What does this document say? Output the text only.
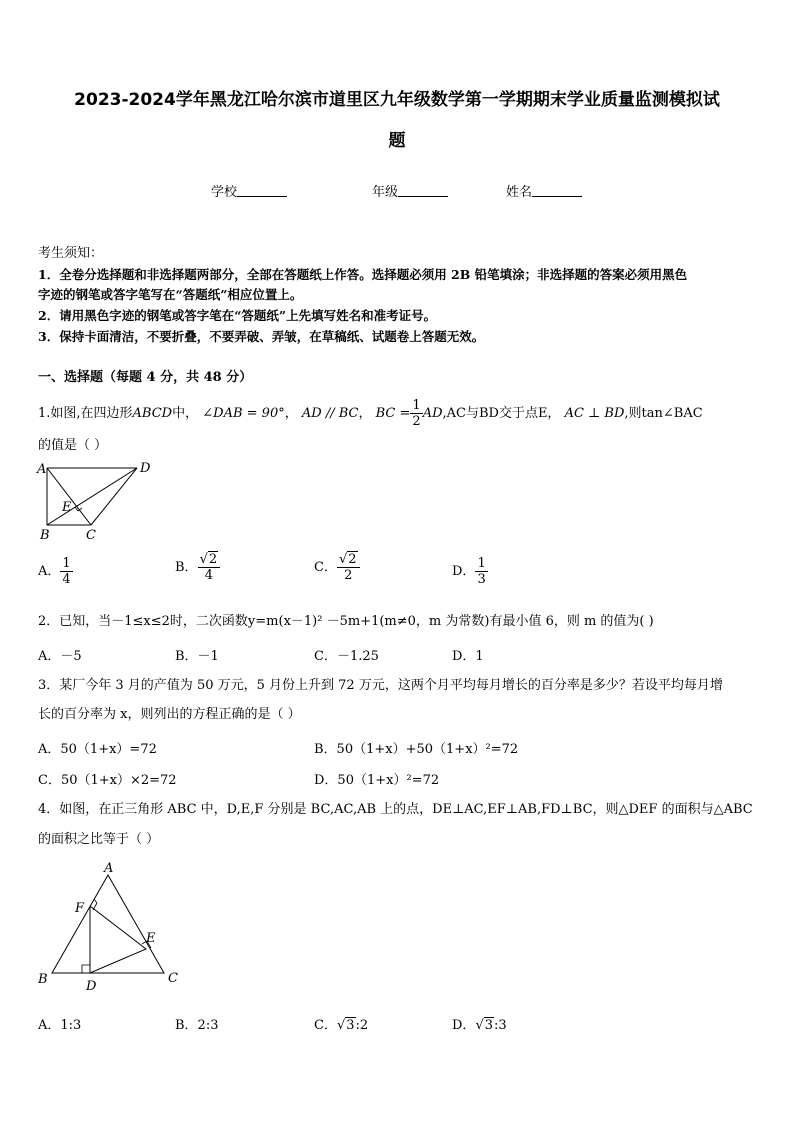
2023-2024学年黑龙江哈尔滨市道里区九年级数学第一学期期末学业质量监测模拟试
题
学校	年级	姓名
考生须知：
1．全卷分选择题和非选择题两部分，全部在答题纸上作答。选择题必须用 2B 铅笔填涂；非选择题的答案必须用黑色
字迹的钢笔或答字笔写在“答题纸”相应位置上。
2．请用黑色字迹的钢笔或答字笔在“答题纸”上先填写姓名和准考证号。
3．保持卡面清洁，不要折叠，不要弄破、弄皱，在草稿纸、试题卷上答题无效。
一、选择题（每题 4 分，共 48 分）
1.如图,在四边形ABCD中， ∠DAB = 90°， AD // BC， BC = $\frac{1}{2} AD,AC$与BD交于点E， AC ⊥ BD,则tan∠BAC
的值是（ ）
A	D
B	C
E
A． $\frac{1}{4}$	B． $\frac{√2}{4}$	C． $\frac{√2}{2}$	D． $\frac{1}{3}$
2．已知，当－1≤x≤2时，二次函数y=m(x－1)² －5m+1(m≠0，m 为常数)有最小值 6，则 m 的值为( )
A．－5	B．－1	C．－1.25	D．1
3．某厂今年 3 月的产值为 50 万元，5 月份上升到 72 万元，这两个月平均每月增长的百分率是多少？若设平均每月增
长的百分率为 x，则列出的方程正确的是（ ）
A．50（1+x）=72	B．50（1+x）+50（1+x）²=72
C．50（1+x）×2=72	D．50（1+x）²=72
4．如图，在正三角形 ABC 中，D,E,F 分别是 BC,AC,AB 上的点，DE⊥AC,EF⊥AB,FD⊥BC，则△DEF 的面积与△ABC
的面积之比等于（ ）
A
B	C
D
E
F
A．1:3	B．2:3	C．√3:2	D．√3:3
